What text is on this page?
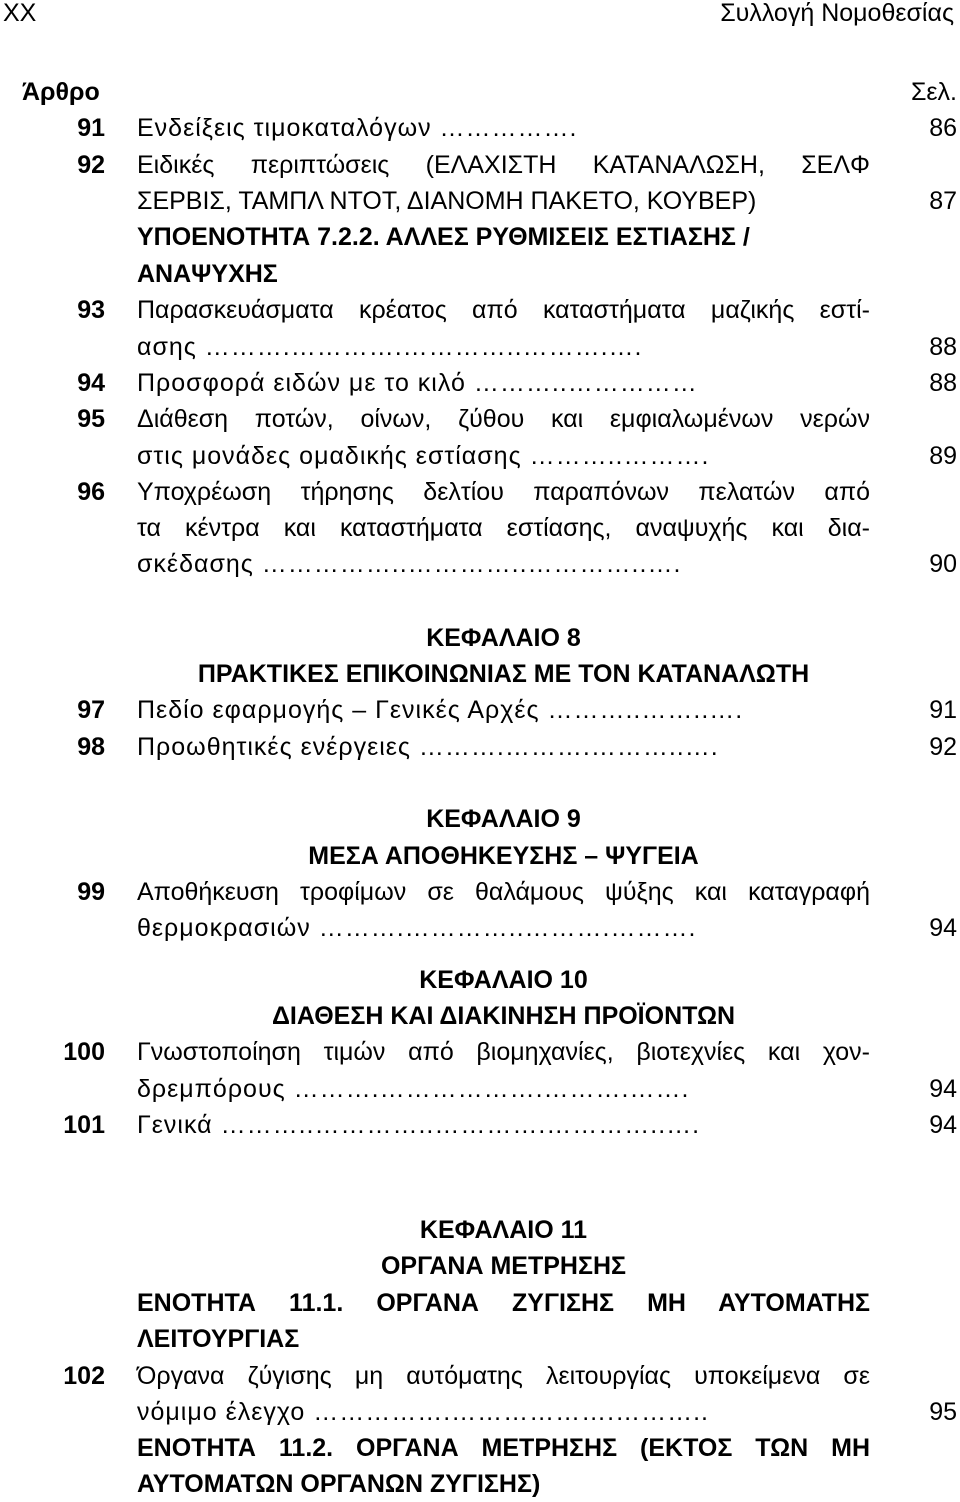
ΧΧ	Συλλογή Νομοθεσίας
Άρθρο	Σελ.
91 Ενδείξεις τιμοκαταλόγων …………….	86
92 Ειδικές περιπτώσεις (ΕΛΑΧΙΣΤΗ ΚΑΤΑΝΑΛΩΣΗ, ΣΕΛΦ
ΣΕΡΒΙΣ, ΤΑΜΠΛ ΝΤΟΤ, ΔΙΑΝΟΜΗ ΠΑΚΕΤΟ, ΚΟΥΒΕΡ)	87
ΥΠΟΕΝΟΤΗΤΑ 7.2.2. ΑΛΛΕΣ ΡΥΘΜΙΣΕΙΣ ΕΣΤΙΑΣΗΣ /
ΑΝΑΨΥΧΗΣ
93 Παρασκευάσματα κρέατος από καταστήματα μαζικής εστί-
ασης ……….………….…………..……….….	88
94 Προσφορά ειδών με το κιλό ………..……………	88
95 Διάθεση ποτών, οίνων, ζύθου και εμφιαλωμένων νερών
στις μονάδες ομαδικής εστίασης ………..……….	89
96 Υποχρέωση τήρησης δελτίου παραπόνων πελατών από
τα κέντρα και καταστήματα εστίασης, αναψυχής και δια-
σκέδασης ……………..…………..…………..….	90
ΚΕΦΑΛΑΙΟ 8
ΠΡΑΚΤΙΚΕΣ ΕΠΙΚΟΙΝΩΝΙΑΣ ΜΕ ΤΟΝ ΚΑΤΑΝΑΛΩΤΗ
97 Πεδίο εφαρμογής – Γενικές Αρχές ………..……..….	91
98 Προωθητικές ενέργειες ……….……….………..….	92
ΚΕΦΑΛΑΙΟ 9
ΜΕΣΑ ΑΠΟΘΗΚΕΥΣΗΣ – ΨΥΓΕΙΑ
99 Αποθήκευση τροφίμων σε θαλάμους ψύξης και καταγραφή
θερμοκρασιών ……….…………..……….……….	94
ΚΕΦΑΛΑΙΟ 10
ΔΙΑΘΕΣΗ ΚΑΙ ΔΙΑΚΙΝΗΣΗ ΠΡΟΪΟΝΤΩΝ
100 Γνωστοποίηση τιμών από βιομηχανίες, βιοτεχνίες και χον-
δρεμπόρους ……….……………….……….…….	94
101 Γενικά ………..…………..………….…………..….	94
ΚΕΦΑΛΑΙΟ 11
ΟΡΓΑΝΑ ΜΕΤΡΗΣΗΣ
ΕΝΟΤΗΤΑ 11.1. ΟΡΓΑΝΑ ΖΥΓΙΣΗΣ ΜΗ ΑΥΤΟΜΑΤΗΣ
ΛΕΙΤΟΥΡΓΙΑΣ
102 Όργανα ζύγισης μη αυτόματης λειτουργίας υποκείμενα σε
νόμιμο έλεγχο …………….……………….………..	95
ΕΝΟΤΗΤΑ 11.2. ΟΡΓΑΝΑ ΜΕΤΡΗΣΗΣ (ΕΚΤΟΣ ΤΩΝ ΜΗ
ΑΥΤΟΜΑΤΩΝ ΟΡΓΑΝΩΝ ΖΥΓΙΣΗΣ)
